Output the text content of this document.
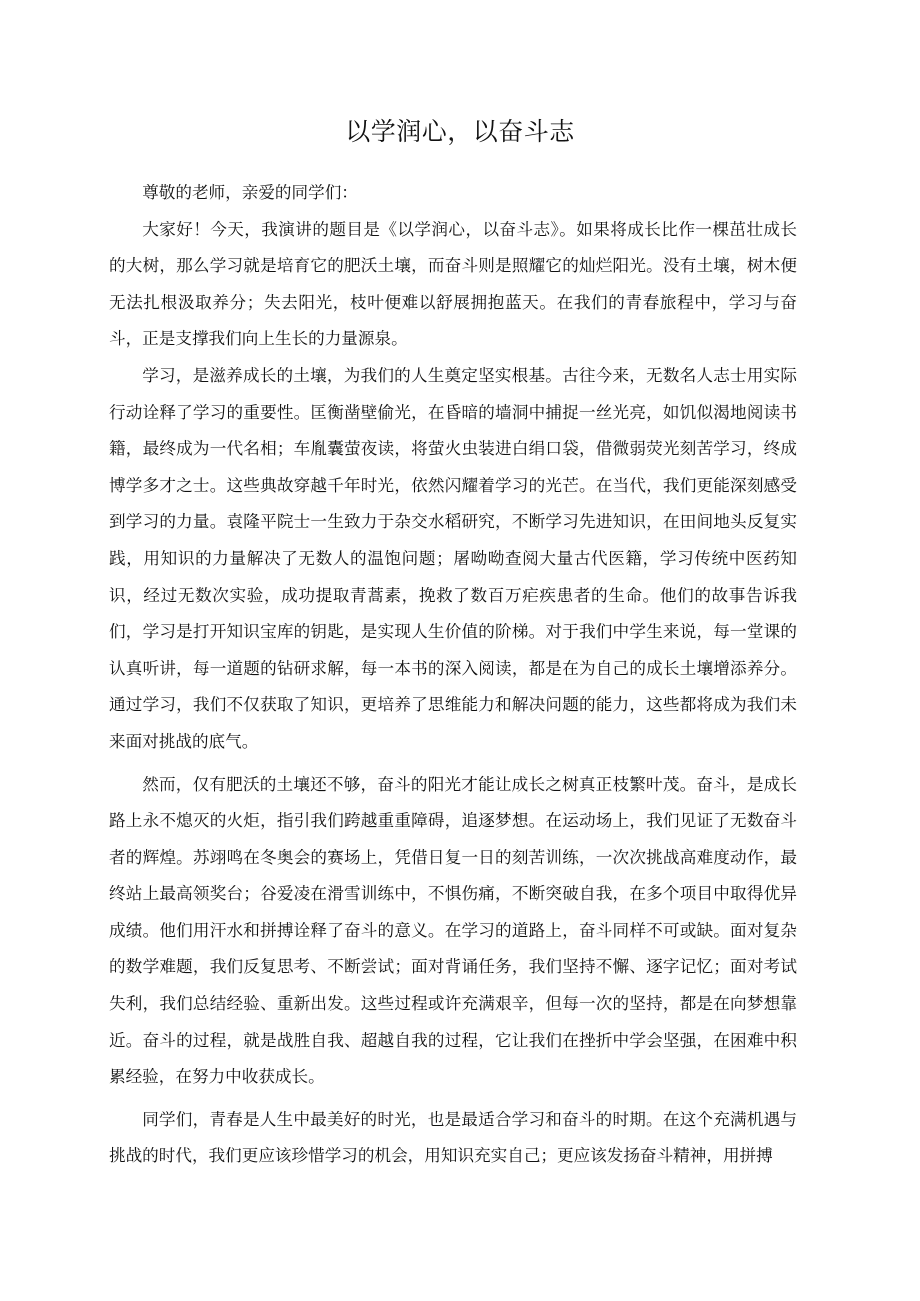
以学润心，以奋斗志

尊敬的老师，亲爱的同学们：

大家好！今天，我演讲的题目是《以学润心，以奋斗志》。如果将成长比作一棵茁壮成长的大树，那么学习就是培育它的肥沃土壤，而奋斗则是照耀它的灿烂阳光。没有土壤，树木便无法扎根汲取养分；失去阳光，枝叶便难以舒展拥抱蓝天。在我们的青春旅程中，学习与奋斗，正是支撑我们向上生长的力量源泉。

学习，是滋养成长的土壤，为我们的人生奠定坚实根基。古往今来，无数名人志士用实际行动诠释了学习的重要性。匡衡凿壁偷光，在昏暗的墙洞中捕捉一丝光亮，如饥似渴地阅读书籍，最终成为一代名相；车胤囊萤夜读，将萤火虫装进白绢口袋，借微弱荧光刻苦学习，终成博学多才之士。这些典故穿越千年时光，依然闪耀着学习的光芒。在当代，我们更能深刻感受到学习的力量。袁隆平院士一生致力于杂交水稻研究，不断学习先进知识，在田间地头反复实践，用知识的力量解决了无数人的温饱问题；屠呦呦查阅大量古代医籍，学习传统中医药知识，经过无数次实验，成功提取青蒿素，挽救了数百万疟疾患者的生命。他们的故事告诉我们，学习是打开知识宝库的钥匙，是实现人生价值的阶梯。对于我们中学生来说，每一堂课的认真听讲，每一道题的钻研求解，每一本书的深入阅读，都是在为自己的成长土壤增添养分。通过学习，我们不仅获取了知识，更培养了思维能力和解决问题的能力，这些都将成为我们未来面对挑战的底气。

然而，仅有肥沃的土壤还不够，奋斗的阳光才能让成长之树真正枝繁叶茂。奋斗，是成长路上永不熄灭的火炬，指引我们跨越重重障碍，追逐梦想。在运动场上，我们见证了无数奋斗者的辉煌。苏翊鸣在冬奥会的赛场上，凭借日复一日的刻苦训练，一次次挑战高难度动作，最终站上最高领奖台；谷爱凌在滑雪训练中，不惧伤痛，不断突破自我，在多个项目中取得优异成绩。他们用汗水和拼搏诠释了奋斗的意义。在学习的道路上，奋斗同样不可或缺。面对复杂的数学难题，我们反复思考、不断尝试；面对背诵任务，我们坚持不懈、逐字记忆；面对考试失利，我们总结经验、重新出发。这些过程或许充满艰辛，但每一次的坚持，都是在向梦想靠近。奋斗的过程，就是战胜自我、超越自我的过程，它让我们在挫折中学会坚强，在困难中积累经验，在努力中收获成长。

同学们，青春是人生中最美好的时光，也是最适合学习和奋斗的时期。在这个充满机遇与挑战的时代，我们更应该珍惜学习的机会，用知识充实自己；更应该发扬奋斗精神，用拼搏
